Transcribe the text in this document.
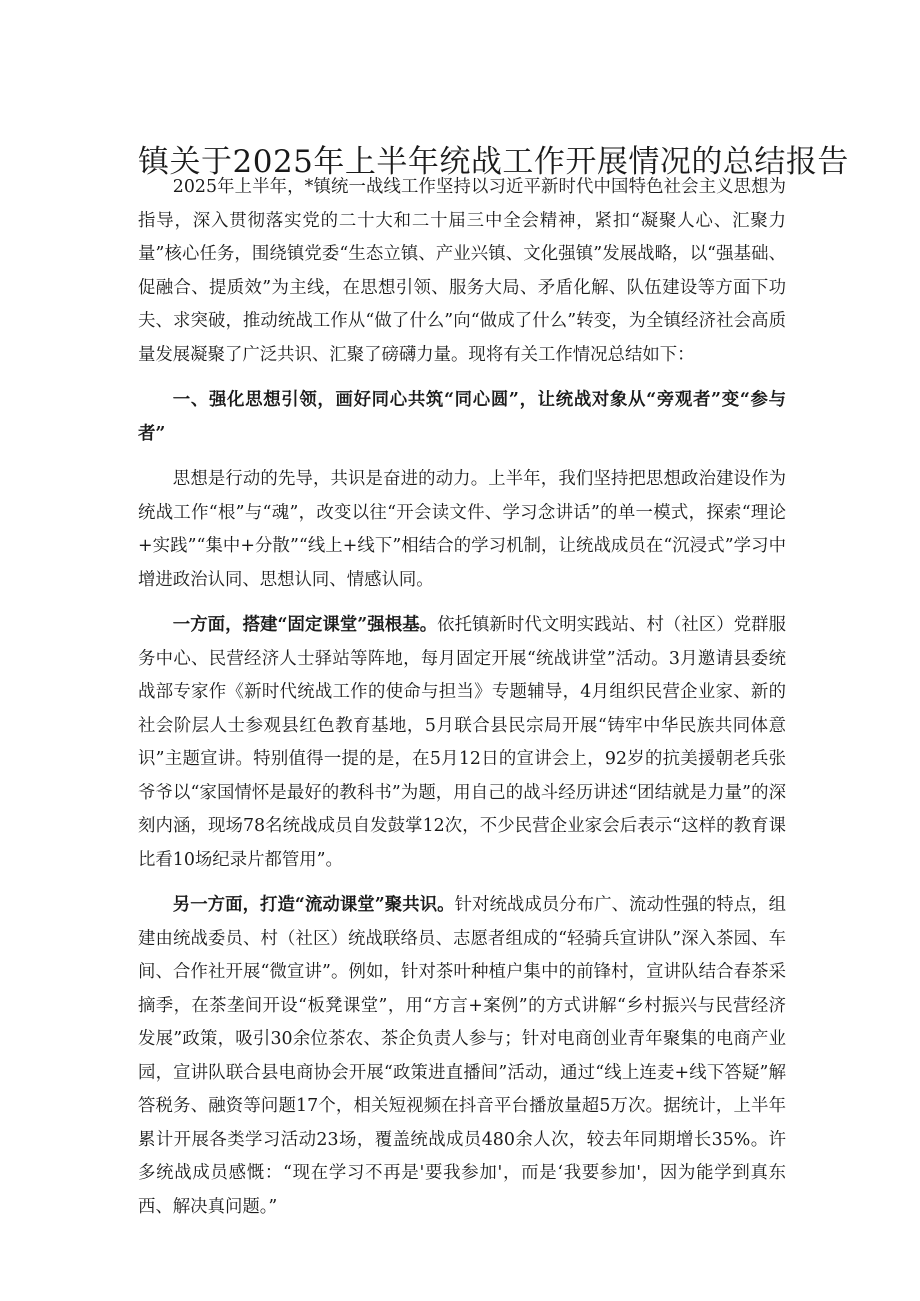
镇关于2025年上半年统战工作开展情况的总结报告

2025年上半年，*镇统一战线工作坚持以习近平新时代中国特色社会主义思想为指导，深入贯彻落实党的二十大和二十届三中全会精神，紧扣“凝聚人心、汇聚力量”核心任务，围绕镇党委“生态立镇、产业兴镇、文化强镇”发展战略，以“强基础、促融合、提质效”为主线，在思想引领、服务大局、矛盾化解、队伍建设等方面下功夫、求突破，推动统战工作从“做了什么”向“做成了什么”转变，为全镇经济社会高质量发展凝聚了广泛共识、汇聚了磅礴力量。现将有关工作情况总结如下：

一、强化思想引领，画好同心共筑“同心圆”，让统战对象从“旁观者”变“参与者”

思想是行动的先导，共识是奋进的动力。上半年，我们坚持把思想政治建设作为统战工作“根”与“魂”，改变以往“开会读文件、学习念讲话”的单一模式，探索“理论+实践”“集中+分散”“线上+线下”相结合的学习机制，让统战成员在“沉浸式”学习中增进政治认同、思想认同、情感认同。

一方面，搭建“固定课堂”强根基。依托镇新时代文明实践站、村（社区）党群服务中心、民营经济人士驿站等阵地，每月固定开展“统战讲堂”活动。3月邀请县委统战部专家作《新时代统战工作的使命与担当》专题辅导，4月组织民营企业家、新的社会阶层人士参观县红色教育基地，5月联合县民宗局开展“铸牢中华民族共同体意识”主题宣讲。特别值得一提的是，在5月12日的宣讲会上，92岁的抗美援朝老兵张爷爷以“家国情怀是最好的教科书”为题，用自己的战斗经历讲述“团结就是力量”的深刻内涵，现场78名统战成员自发鼓掌12次，不少民营企业家会后表示“这样的教育课比看10场纪录片都管用”。

另一方面，打造“流动课堂”聚共识。针对统战成员分布广、流动性强的特点，组建由统战委员、村（社区）统战联络员、志愿者组成的“轻骑兵宣讲队”深入茶园、车间、合作社开展“微宣讲”。例如，针对茶叶种植户集中的前锋村，宣讲队结合春茶采摘季，在茶垄间开设“板凳课堂”，用“方言+案例”的方式讲解“乡村振兴与民营经济发展”政策，吸引30余位茶农、茶企负责人参与；针对电商创业青年聚集的电商产业园，宣讲队联合县电商协会开展“政策进直播间”活动，通过“线上连麦+线下答疑”解答税务、融资等问题17个，相关短视频在抖音平台播放量超5万次。据统计，上半年累计开展各类学习活动23场，覆盖统战成员480余人次，较去年同期增长35%。许多统战成员感慨：“现在学习不再是'要我参加'，而是‘我要参加'，因为能学到真东西、解决真问题。”
